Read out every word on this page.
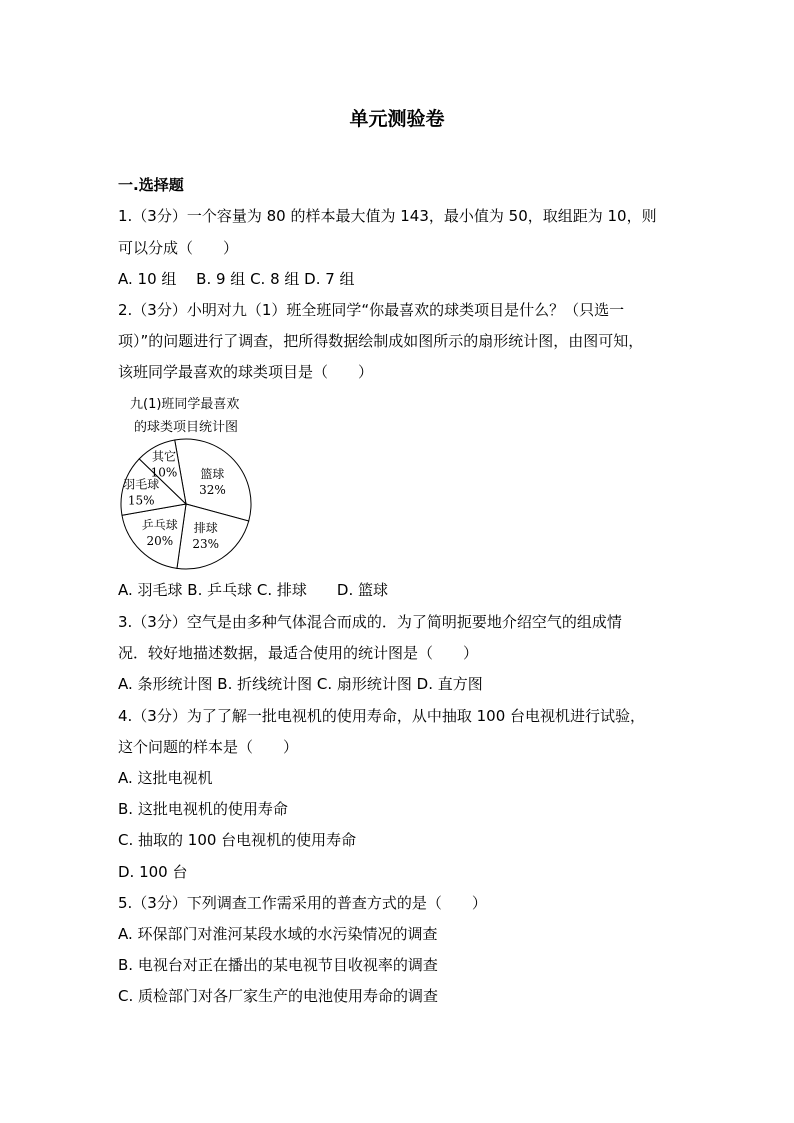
单元测验卷
一.选择题
1.（3分）一个容量为 80 的样本最大值为 143，最小值为 50，取组距为 10，则
可以分成（　　）
A. 10 组　 B. 9 组 C. 8 组 D. 7 组
2.（3分）小明对九（1）班全班同学“你最喜欢的球类项目是什么？（只选一
项）”的问题进行了调查，把所得数据绘制成如图所示的扇形统计图，由图可知，
该班同学最喜欢的球类项目是（　　）
九(1)班同学最喜欢
的球类项目统计图
篮球
32%
排球
23%
乒乓球
20%
羽毛球
15%
其它
10%
A. 羽毛球 B. 乒乓球 C. 排球　　D. 篮球
3.（3分）空气是由多种气体混合而成的．为了简明扼要地介绍空气的组成情
况．较好地描述数据，最适合使用的统计图是（　　）
A. 条形统计图 B. 折线统计图 C. 扇形统计图 D. 直方图
4.（3分）为了了解一批电视机的使用寿命，从中抽取 100 台电视机进行试验，
这个问题的样本是（　　）
A. 这批电视机
B. 这批电视机的使用寿命
C. 抽取的 100 台电视机的使用寿命
D. 100 台
5.（3分）下列调查工作需采用的普查方式的是（　　）
A. 环保部门对淮河某段水域的水污染情况的调查
B. 电视台对正在播出的某电视节目收视率的调查
C. 质检部门对各厂家生产的电池使用寿命的调查
